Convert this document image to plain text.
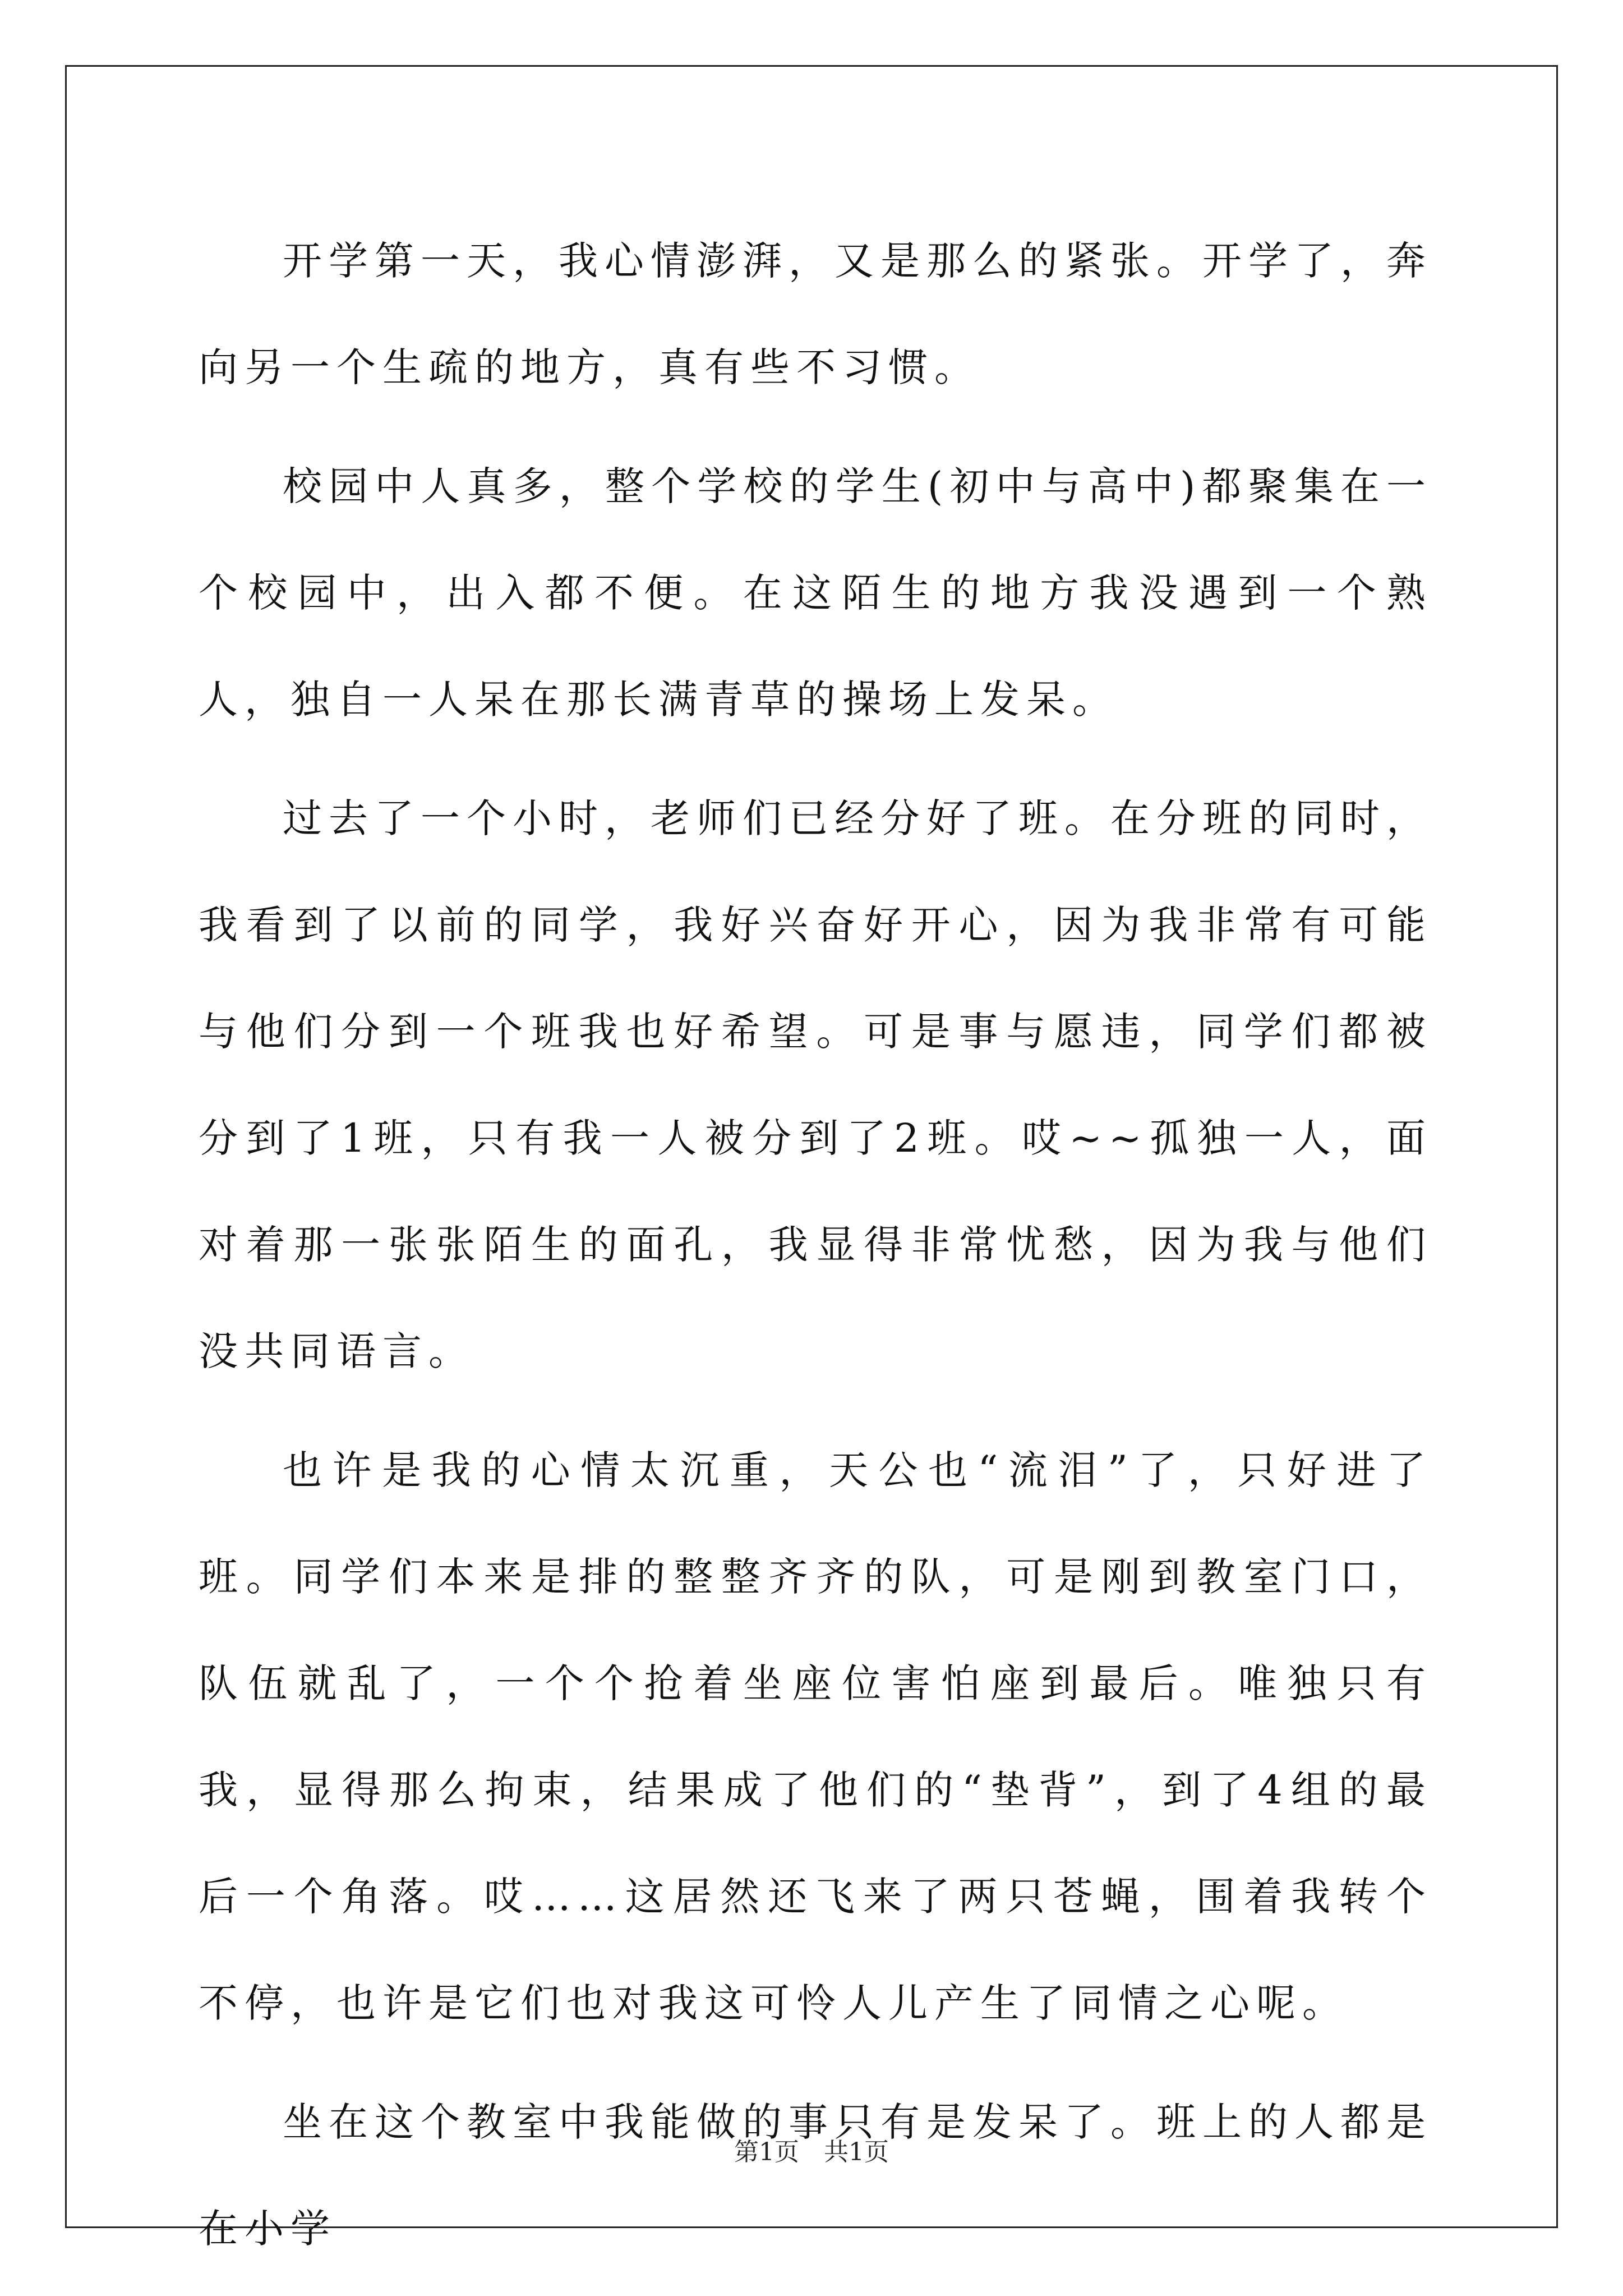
开学第一天，我心情澎湃，又是那么的紧张。开学了，奔向另一个生疏的地方，真有些不习惯。

校园中人真多，整个学校的学生(初中与高中)都聚集在一个校园中，出入都不便。在这陌生的地方我没遇到一个熟人，独自一人呆在那长满青草的操场上发呆。

过去了一个小时，老师们已经分好了班。在分班的同时，我看到了以前的同学，我好兴奋好开心，因为我非常有可能与他们分到一个班我也好希望。可是事与愿违，同学们都被分到了1班，只有我一人被分到了2班。哎~~孤独一人，面对着那一张张陌生的面孔，我显得非常忧愁，因为我与他们没共同语言。

也许是我的心情太沉重，天公也“流泪”了，只好进了班。同学们本来是排的整整齐齐的队，可是刚到教室门口，队伍就乱了，一个个抢着坐座位害怕座到最后。唯独只有我，显得那么拘束，结果成了他们的“垫背”，到了4组的最后一个角落。哎……这居然还飞来了两只苍蝇，围着我转个不停，也许是它们也对我这可怜人儿产生了同情之心呢。

坐在这个教室中我能做的事只有是发呆了。班上的人都是在小学

第1页　共1页
